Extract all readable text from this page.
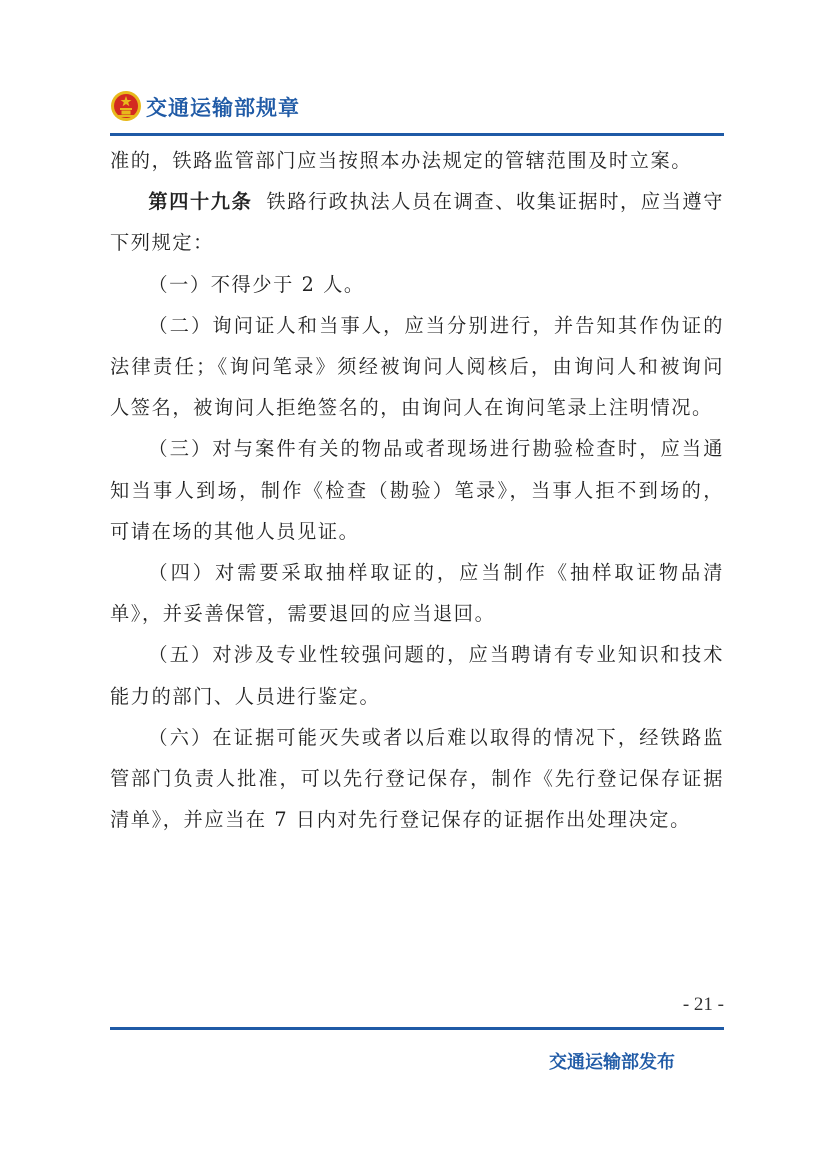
交通运输部规章

准的，铁路监管部门应当按照本办法规定的管辖范围及时立案。

第四十九条 铁路行政执法人员在调查、收集证据时，应当遵守下列规定：

（一）不得少于 2 人。

（二）询问证人和当事人，应当分别进行，并告知其作伪证的法律责任；《询问笔录》须经被询问人阅核后，由询问人和被询问人签名，被询问人拒绝签名的，由询问人在询问笔录上注明情况。

（三）对与案件有关的物品或者现场进行勘验检查时，应当通知当事人到场，制作《检查（勘验）笔录》，当事人拒不到场的，可请在场的其他人员见证。

（四）对需要采取抽样取证的，应当制作《抽样取证物品清单》，并妥善保管，需要退回的应当退回。

（五）对涉及专业性较强问题的，应当聘请有专业知识和技术能力的部门、人员进行鉴定。

（六）在证据可能灭失或者以后难以取得的情况下，经铁路监管部门负责人批准，可以先行登记保存，制作《先行登记保存证据清单》，并应当在 7 日内对先行登记保存的证据作出处理决定。

- 21 -
交通运输部发布
